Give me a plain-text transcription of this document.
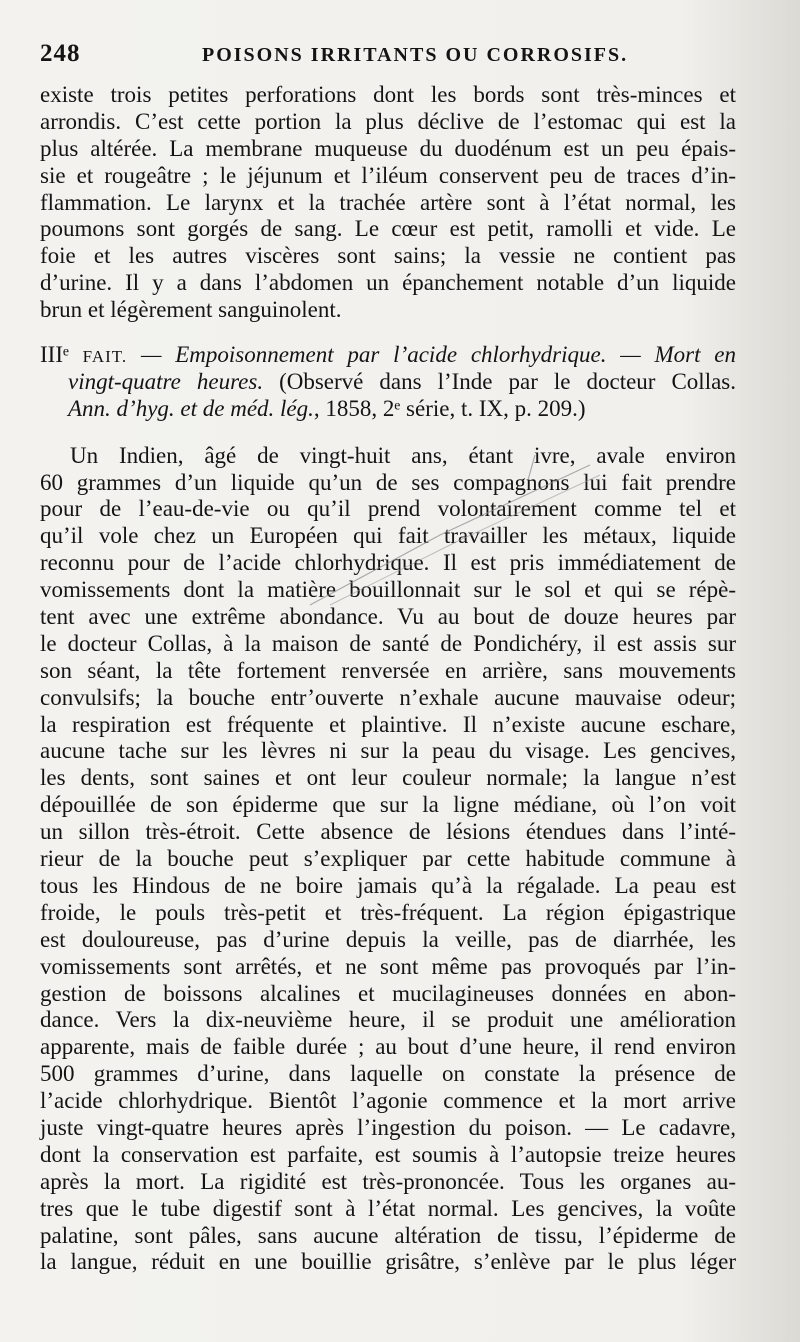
248	POISONS IRRITANTS OU CORROSIFS.
existe trois petites perforations dont les bords sont très-minces et
arrondis. C’est cette portion la plus déclive de l’estomac qui est la
plus altérée. La membrane muqueuse du duodénum est un peu épais-
sie et rougeâtre ; le jéjunum et l’iléum conservent peu de traces d’in-
flammation. Le larynx et la trachée artère sont à l’état normal, les
poumons sont gorgés de sang. Le cœur est petit, ramolli et vide. Le
foie et les autres viscères sont sains; la vessie ne contient pas
d’urine. Il y a dans l’abdomen un épanchement notable d’un liquide
brun et légèrement sanguinolent.
IIIᵉ FAIT. — Empoisonnement par l’acide chlorhydrique. — Mort en
vingt-quatre heures. (Observé dans l’Inde par le docteur Collas.
Ann. d’hyg. et de méd. lég., 1858, 2ᵉ série, t. IX, p. 209.)
Un Indien, âgé de vingt-huit ans, étant ivre, avale environ
60 grammes d’un liquide qu’un de ses compagnons lui fait prendre
pour de l’eau-de-vie ou qu’il prend volontairement comme tel et
qu’il vole chez un Européen qui fait travailler les métaux, liquide
reconnu pour de l’acide chlorhydrique. Il est pris immédiatement de
vomissements dont la matière bouillonnait sur le sol et qui se répè-
tent avec une extrême abondance. Vu au bout de douze heures par
le docteur Collas, à la maison de santé de Pondichéry, il est assis sur
son séant, la tête fortement renversée en arrière, sans mouvements
convulsifs; la bouche entr’ouverte n’exhale aucune mauvaise odeur;
la respiration est fréquente et plaintive. Il n’existe aucune eschare,
aucune tache sur les lèvres ni sur la peau du visage. Les gencives,
les dents, sont saines et ont leur couleur normale; la langue n’est
dépouillée de son épiderme que sur la ligne médiane, où l’on voit
un sillon très-étroit. Cette absence de lésions étendues dans l’inté-
rieur de la bouche peut s’expliquer par cette habitude commune à
tous les Hindous de ne boire jamais qu’à la régalade. La peau est
froide, le pouls très-petit et très-fréquent. La région épigastrique
est douloureuse, pas d’urine depuis la veille, pas de diarrhée, les
vomissements sont arrêtés, et ne sont même pas provoqués par l’in-
gestion de boissons alcalines et mucilagineuses données en abon-
dance. Vers la dix-neuvième heure, il se produit une amélioration
apparente, mais de faible durée ; au bout d’une heure, il rend environ
500 grammes d’urine, dans laquelle on constate la présence de
l’acide chlorhydrique. Bientôt l’agonie commence et la mort arrive
juste vingt-quatre heures après l’ingestion du poison. — Le cadavre,
dont la conservation est parfaite, est soumis à l’autopsie treize heures
après la mort. La rigidité est très-prononcée. Tous les organes au-
tres que le tube digestif sont à l’état normal. Les gencives, la voûte
palatine, sont pâles, sans aucune altération de tissu, l’épiderme de
la langue, réduit en une bouillie grisâtre, s’enlève par le plus léger
